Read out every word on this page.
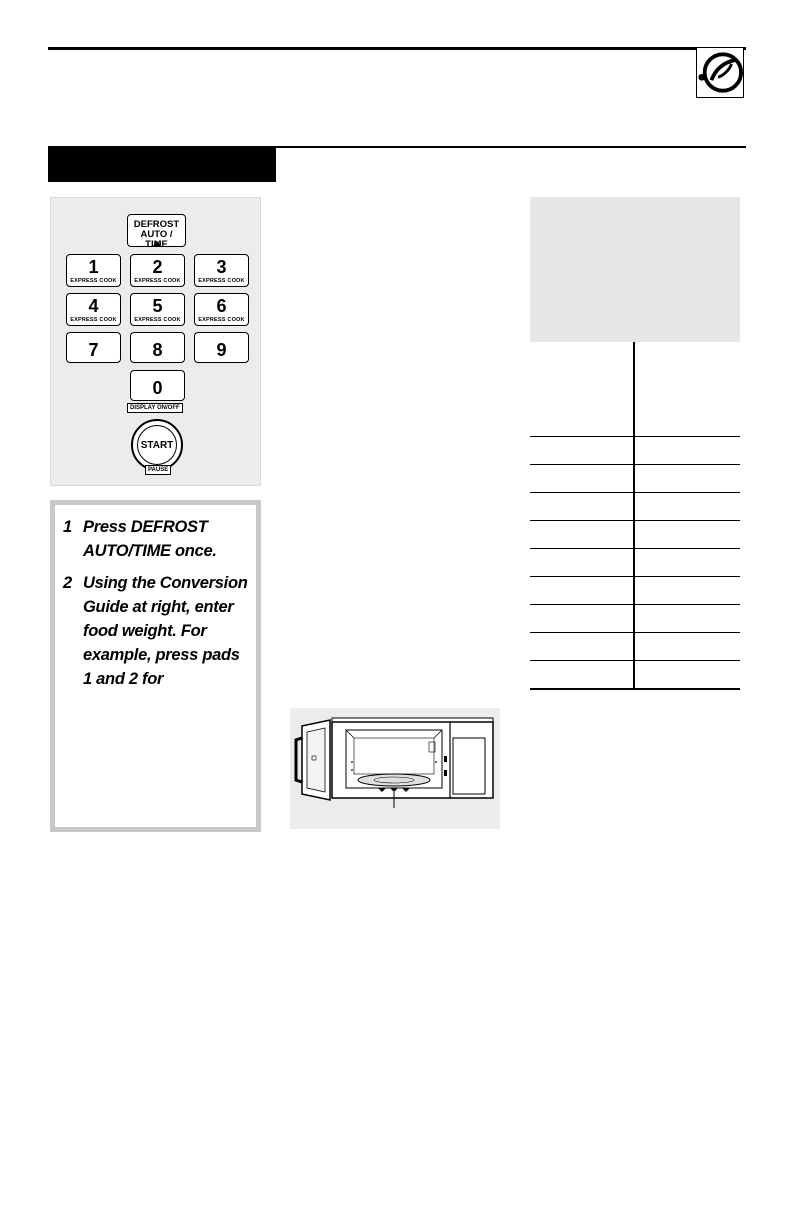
DEFROST
AUTO / TIME
1
EXPRESS COOK
2
EXPRESS COOK
3
EXPRESS COOK
4
EXPRESS COOK
5
EXPRESS COOK
6
EXPRESS COOK
7	8	9
0
DISPLAY ON/OFF
START
PAUSE
1 Press DEFROST AUTO/TIME once.
2 Using the Conversion Guide at right, enter food weight. For example, press pads 1 and 2 for
